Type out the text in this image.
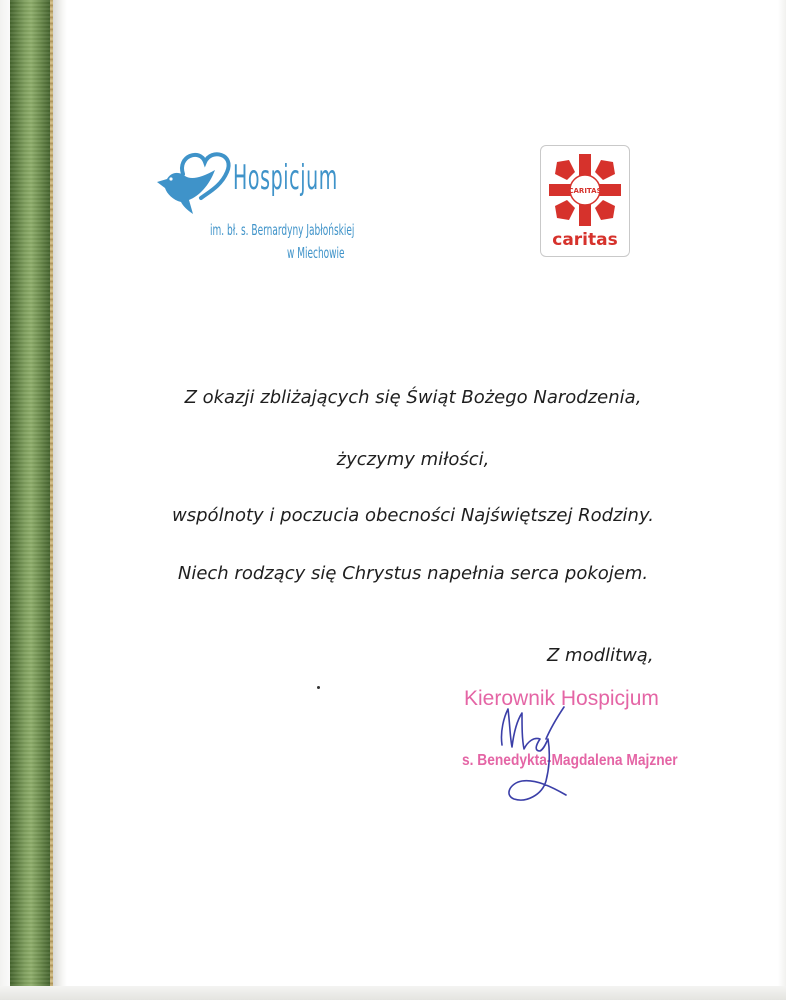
Hospicjum
im. bł. s. Bernardyny Jabłońskiej
w Miechowie
CARITAS
caritas
Z okazji zbliżających się Świąt Bożego Narodzenia,
życzymy miłości,
wspólnoty i poczucia obecności Najświętszej Rodziny.
Niech rodzący się Chrystus napełnia serca pokojem.
Z modlitwą,
Kierownik Hospicjum
s. Benedykta-Magdalena Majzner
